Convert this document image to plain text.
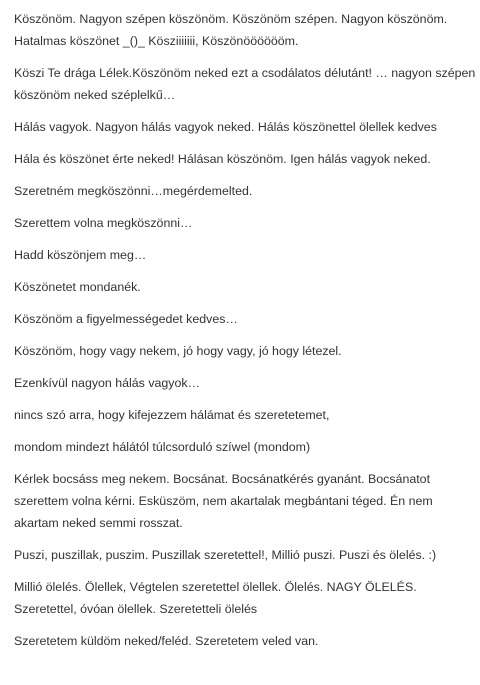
Köszönöm. Nagyon szépen köszönöm. Köszönöm szépen. Nagyon köszönöm. Hatalmas köszönet _()_ Kösziiiiiii, Köszönööööööm.

Köszi Te drága Lélek.Köszönöm neked ezt a csodálatos délutánt! … nagyon szépen köszönöm neked széplelkű…

Hálás vagyok. Nagyon hálás vagyok neked. Hálás köszönettel ölellek kedves

Hála és köszönet érte neked! Hálásan köszönöm. Igen hálás vagyok neked.

Szeretném megköszönni…megérdemelted.

Szerettem volna megköszönni…

Hadd köszönjem meg…

Köszönetet mondanék.

Köszönöm a figyelmességedet kedves…

Köszönöm, hogy vagy nekem, jó hogy vagy, jó hogy létezel.

Ezenkívül nagyon hálás vagyok…

nincs szó arra, hogy kifejezzem hálámat és szeretetemet,

mondom mindezt hálától túlcsorduló szíwel (mondom)

Kérlek bocsáss meg nekem. Bocsánat. Bocsánatkérés gyanánt. Bocsánatot szerettem volna kérni. Esküszöm, nem akartalak megbántani téged. Én nem akartam neked semmi rosszat.

Puszi, puszillak, puszim. Puszillak szeretettel!, Millió puszi. Puszi és ölelés. :)

Millió ölelés. Ölellek, Végtelen szeretettel ölellek. Ölelés. NAGY ÖLELÉS. Szeretettel, óvóan ölellek. Szeretetteli ölelés

Szeretetem küldöm neked/feléd. Szeretetem veled van.
